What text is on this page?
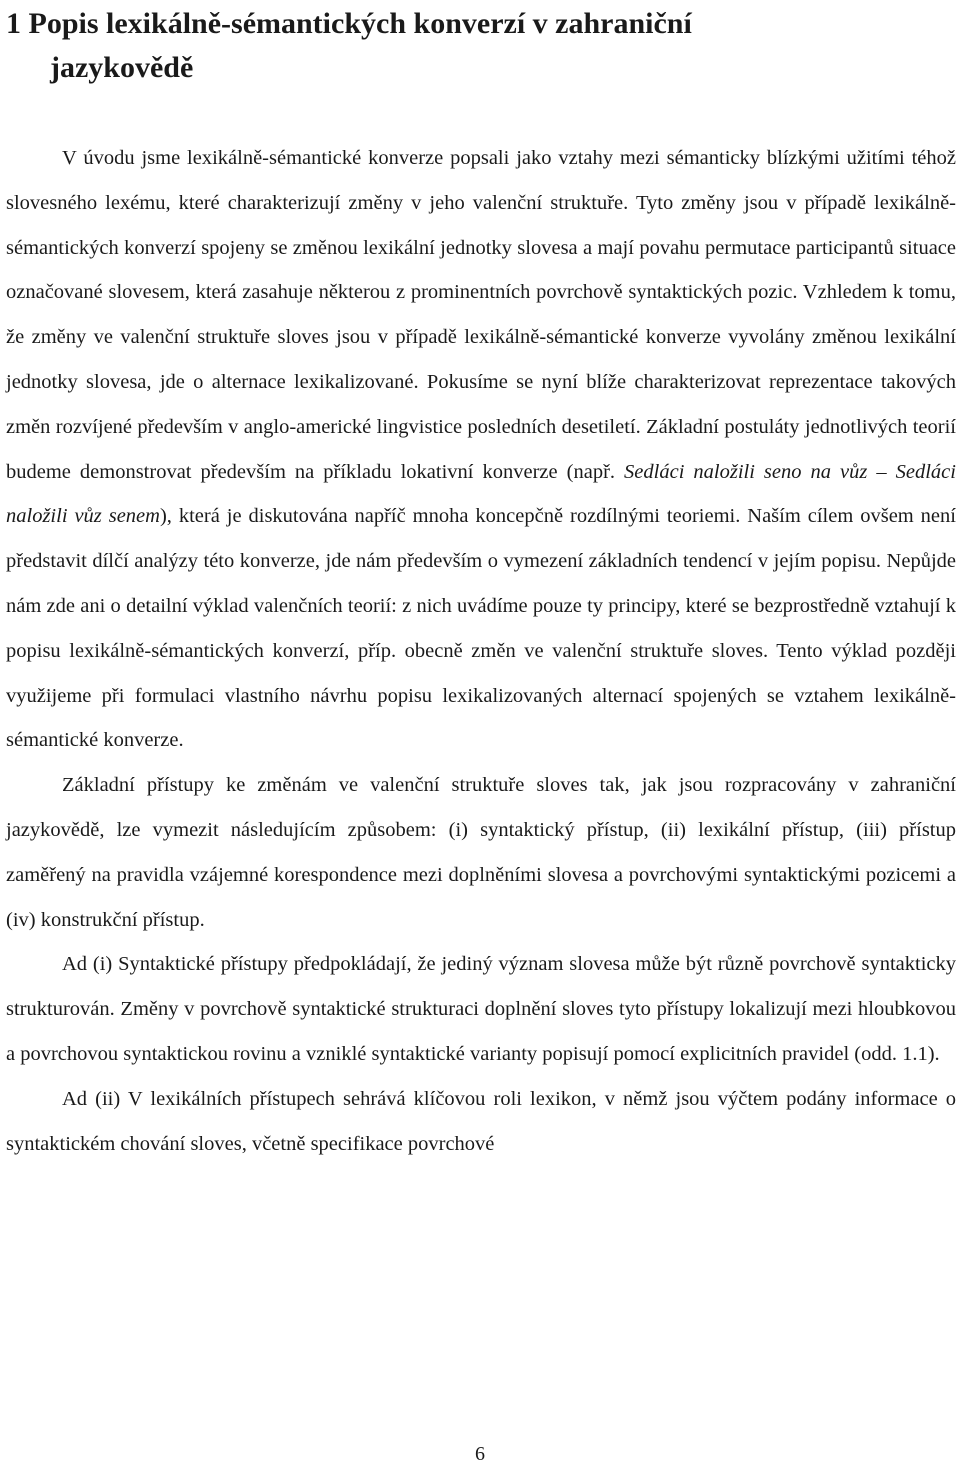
1 Popis lexikálně-sémantických konverzí v zahraniční
jazykovědě

V úvodu jsme lexikálně-sémantické konverze popsali jako vztahy mezi sémanticky blízkými užitími téhož slovesného lexému, které charakterizují změny v jeho valenční struktuře. Tyto změny jsou v případě lexikálně-sémantických konverzí spojeny se změnou lexikální jednotky slovesa a mají povahu permutace participantů situace označované slovesem, která zasahuje některou z prominentních povrchově syntaktických pozic. Vzhledem k tomu, že změny ve valenční struktuře sloves jsou v případě lexikálně-sémantické konverze vyvolány změnou lexikální jednotky slovesa, jde o alternace lexikalizované. Pokusíme se nyní blíže charakterizovat reprezentace takových změn rozvíjené především v anglo-americké lingvistice posledních desetiletí. Základní postuláty jednotlivých teorií budeme demonstrovat především na příkladu lokativní konverze (např. Sedláci naložili seno na vůz – Sedláci naložili vůz senem), která je diskutována napříč mnoha koncepčně rozdílnými teoriemi. Naším cílem ovšem není představit dílčí analýzy této konverze, jde nám především o vymezení základních tendencí v jejím popisu. Nepůjde nám zde ani o detailní výklad valenčních teorií: z nich uvádíme pouze ty principy, které se bezprostředně vztahují k popisu lexikálně-sémantických konverzí, příp. obecně změn ve valenční struktuře sloves. Tento výklad později využijeme při formulaci vlastního návrhu popisu lexikalizovaných alternací spojených se vztahem lexikálně-sémantické konverze.

Základní přístupy ke změnám ve valenční struktuře sloves tak, jak jsou rozpracovány v zahraniční jazykovědě, lze vymezit následujícím způsobem: (i) syntaktický přístup, (ii) lexikální přístup, (iii) přístup zaměřený na pravidla vzájemné korespondence mezi doplněními slovesa a povrchovými syntaktickými pozicemi a (iv) konstrukční přístup.

Ad (i) Syntaktické přístupy předpokládají, že jediný význam slovesa může být různě povrchově syntakticky strukturován. Změny v povrchově syntaktické strukturaci doplnění sloves tyto přístupy lokalizují mezi hloubkovou a povrchovou syntaktickou rovinu a vzniklé syntaktické varianty popisují pomocí explicitních pravidel (odd. 1.1).

Ad (ii) V lexikálních přístupech sehrává klíčovou roli lexikon, v němž jsou výčtem podány informace o syntaktickém chování sloves, včetně specifikace povrchové

6
